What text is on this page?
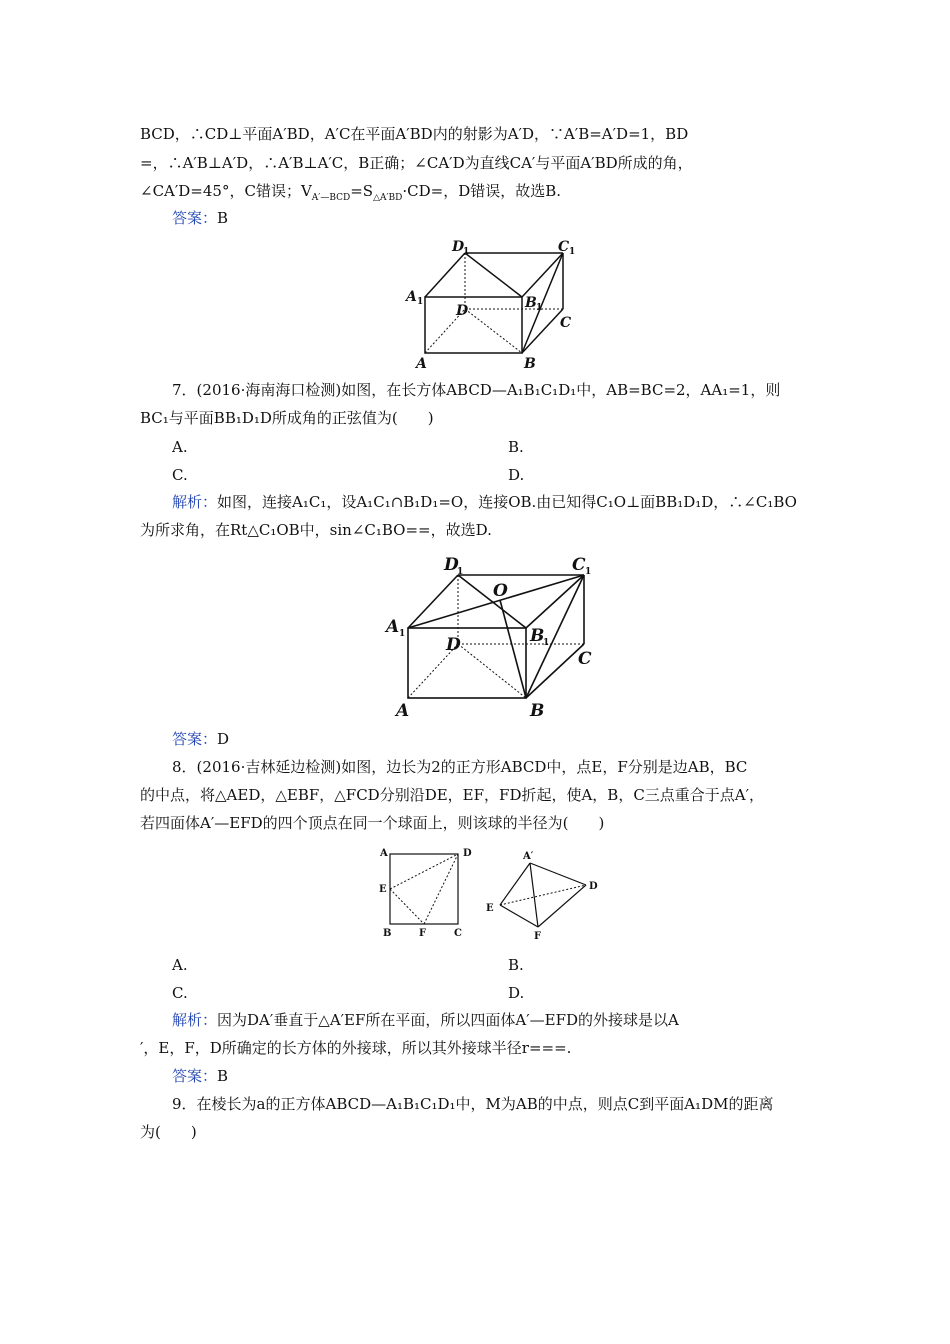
BCD，∴CD⊥平面A′BD，A′C在平面A′BD内的射影为A′D，∵A′B=A′D=1，BD
=，∴A′B⊥A′D，∴A′B⊥A′C，B正确；∠CA′D为直线CA′与平面A′BD所成的角，
∠CA′D=45°，C错误；$V_{A'—BCD}=S_{\triangle A'BD}\cdot CD=$，D错误，故选B.
答案：B
D
1	C 1
A 1	B 1
D
C
A	B
7．(2016·海南海口检测)如图，在长方体ABCD—A₁B₁C₁D₁中，AB=BC=2，AA₁=1，则
BC₁与平面BB₁D₁D所成角的正弦值为(　　)
A.	B.
C.	D.
解析：如图，连接A₁C₁，设A₁C₁∩B₁D₁=O，连接OB.由已知得C₁O⊥面BB₁D₁D，∴∠C₁BO
为所求角，在Rt△C₁OB中，sin∠C₁BO==，故选D.
D
1	C 1
O
A 1	B
1
D
C
A	B
答案：D
8．(2016·吉林延边检测)如图，边长为2的正方形ABCD中，点E，F分别是边AB，BC
的中点，将△AED，△EBF，△FCD分别沿DE，EF，FD折起，使A，B，C三点重合于点A′，
若四面体A′—EFD的四个顶点在同一个球面上，则该球的半径为(　　)
A	D
E
B	F	C
A′
D
E
F
A.	B.
C.	D.
解析：因为DA′垂直于△A′EF所在平面，所以四面体A′—EFD的外接球是以A
′，E，F，D所确定的长方体的外接球，所以其外接球半径r===.
答案：B
9．在棱长为a的正方体ABCD—A₁B₁C₁D₁中，M为AB的中点，则点C到平面A₁DM的距离
为(　　)
